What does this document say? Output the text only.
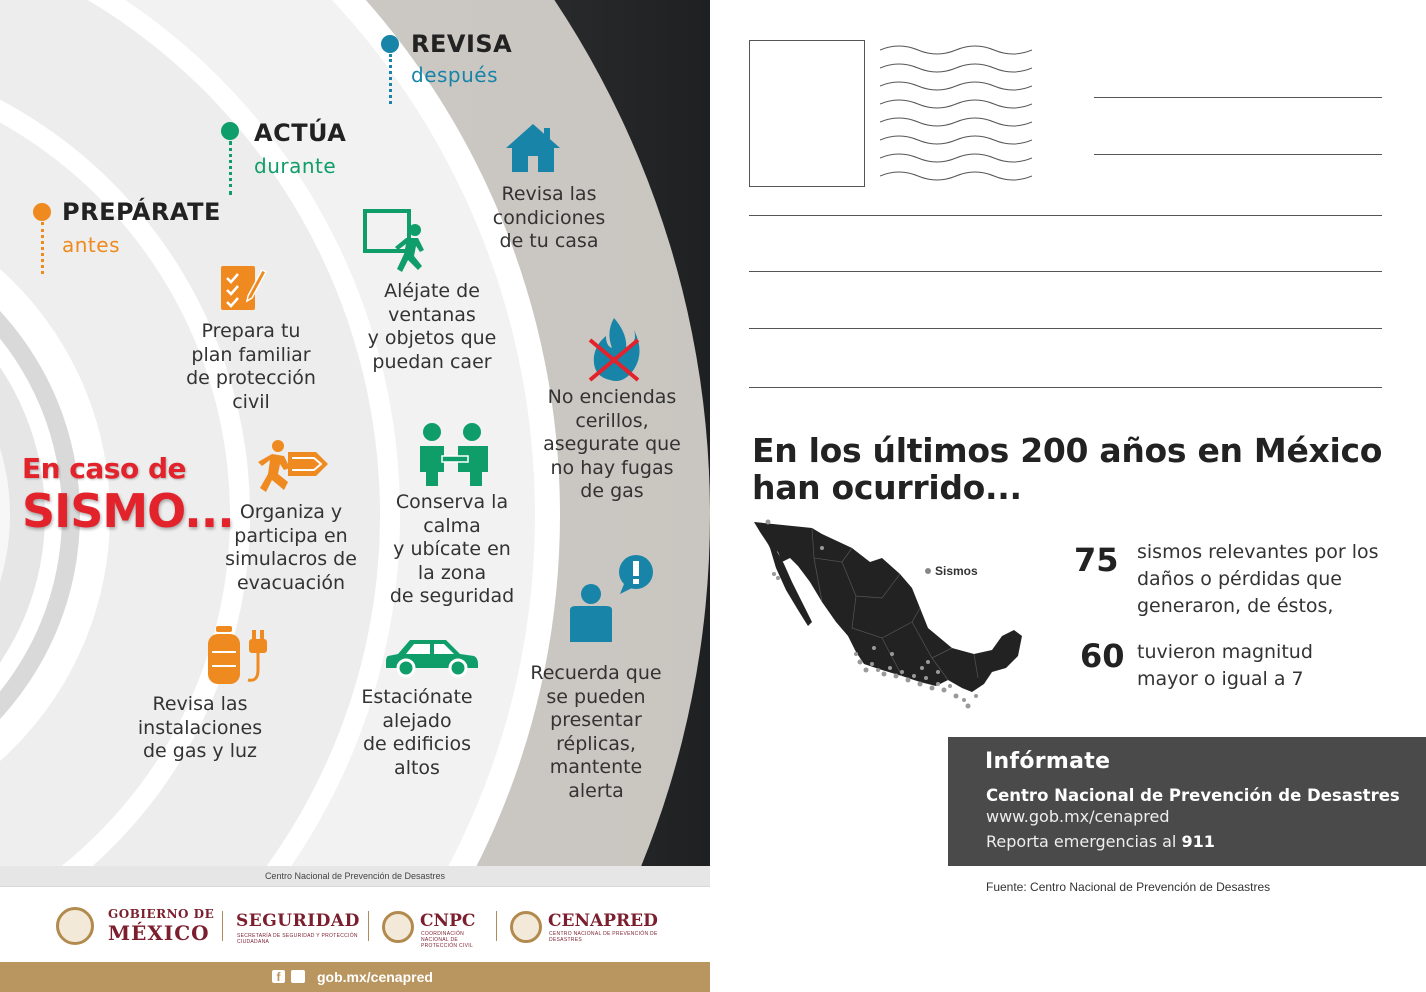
PREPÁRATE
antes
ACTÚA
durante
REVISA
después
En caso de
SISMO...
Prepara tu
plan familiar
de protección
civil
Organiza y
participa en
simulacros de
evacuación
Revisa las
instalaciones
de gas y luz
Aléjate de
ventanas
y objetos que
puedan caer
Conserva la
calma
y ubícate en
la zona
de seguridad
Estaciónate
alejado
de edificios
altos
Revisa las
condiciones
de tu casa
No enciendas
cerillos,
asegurate que
no hay fugas
de gas
Recuerda que
se pueden
presentar
réplicas,
mantente
alerta
Centro Nacional de Prevención de Desastres
GOBIERNO DE
MÉXICO SEGURIDAD
SECRETARÍA DE SEGURIDAD Y PROTECCIÓN CIUDADANA
CNPC
COORDINACIÓN NACIONAL DE PROTECCIÓN CIVIL
CENAPRED
CENTRO NACIONAL DE PREVENCIÓN DE DESASTRES
f	gob.mx/cenapred
En los últimos 200 años en México
han ocurrido...
Sismos	75 sismos relevantes por los
daños o pérdidas que
generaron, de éstos,
60 tuvieron magnitud
mayor o igual a 7
Infórmate
Centro Nacional de Prevención de Desastres
www.gob.mx/cenapred
Reporta emergencias al 911
Fuente: Centro Nacional de Prevención de Desastres
